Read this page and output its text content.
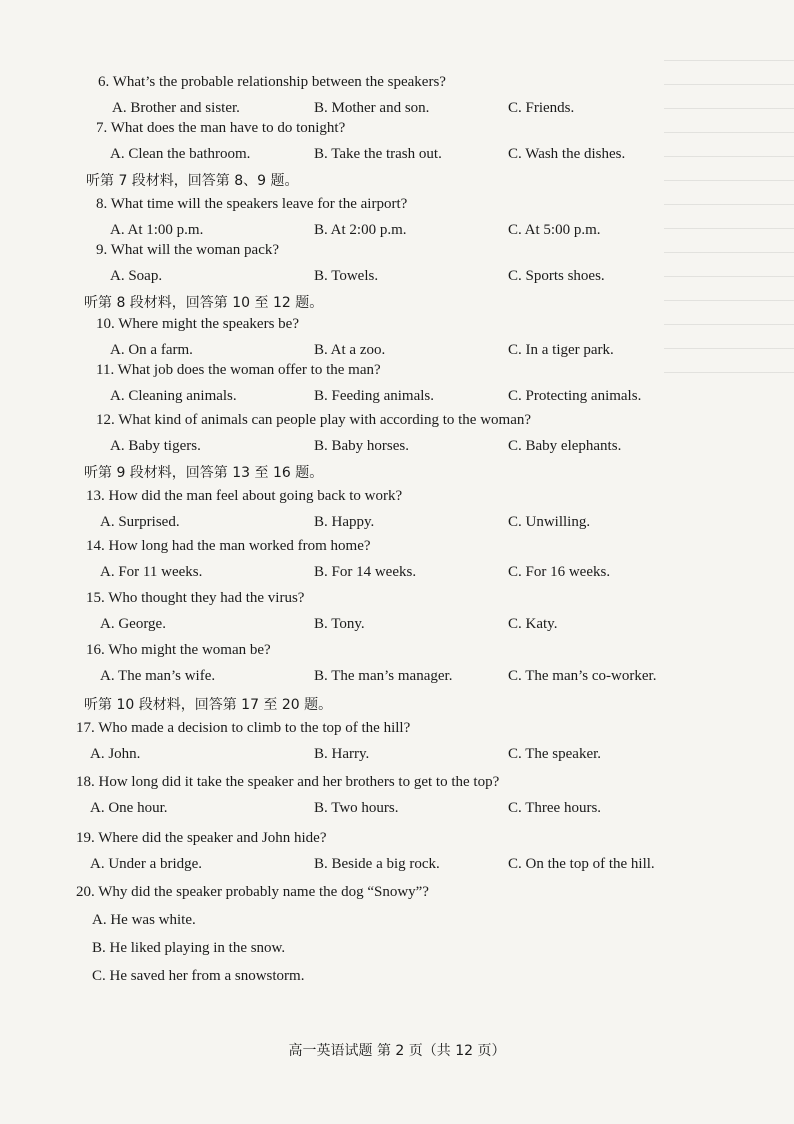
6. What’s the probable relationship between the speakers?
A. Brother and sister.	B. Mother and son.	C. Friends.
7. What does the man have to do tonight?
A. Clean the bathroom.	B. Take the trash out.	C. Wash the dishes.
听第 7 段材料，回答第 8、9 题。
8. What time will the speakers leave for the airport?
A. At 1:00 p.m.	B. At 2:00 p.m.	C. At 5:00 p.m.
9. What will the woman pack?
A. Soap.	B. Towels.	C. Sports shoes.
听第 8 段材料，回答第 10 至 12 题。
10. Where might the speakers be?
A. On a farm.	B. At a zoo.	C. In a tiger park.
11. What job does the woman offer to the man?
A. Cleaning animals.	B. Feeding animals.	C. Protecting animals.
12. What kind of animals can people play with according to the woman?
A. Baby tigers.	B. Baby horses.	C. Baby elephants.
听第 9 段材料，回答第 13 至 16 题。
13. How did the man feel about going back to work?
A. Surprised.	B. Happy.	C. Unwilling.
14. How long had the man worked from home?
A. For 11 weeks.	B. For 14 weeks.	C. For 16 weeks.
15. Who thought they had the virus?
A. George.	B. Tony.	C. Katy.
16. Who might the woman be?
A. The man’s wife.	B. The man’s manager.	C. The man’s co-worker.
听第 10 段材料，回答第 17 至 20 题。
17. Who made a decision to climb to the top of the hill?
A. John.	B. Harry.	C. The speaker.
18. How long did it take the speaker and her brothers to get to the top?
A. One hour.	B. Two hours.	C. Three hours.
19. Where did the speaker and John hide?
A. Under a bridge.	B. Beside a big rock.	C. On the top of the hill.
20. Why did the speaker probably name the dog “Snowy”?
A. He was white.
B. He liked playing in the snow.
C. He saved her from a snowstorm.
高一英语试题 第 2 页（共 12 页）
